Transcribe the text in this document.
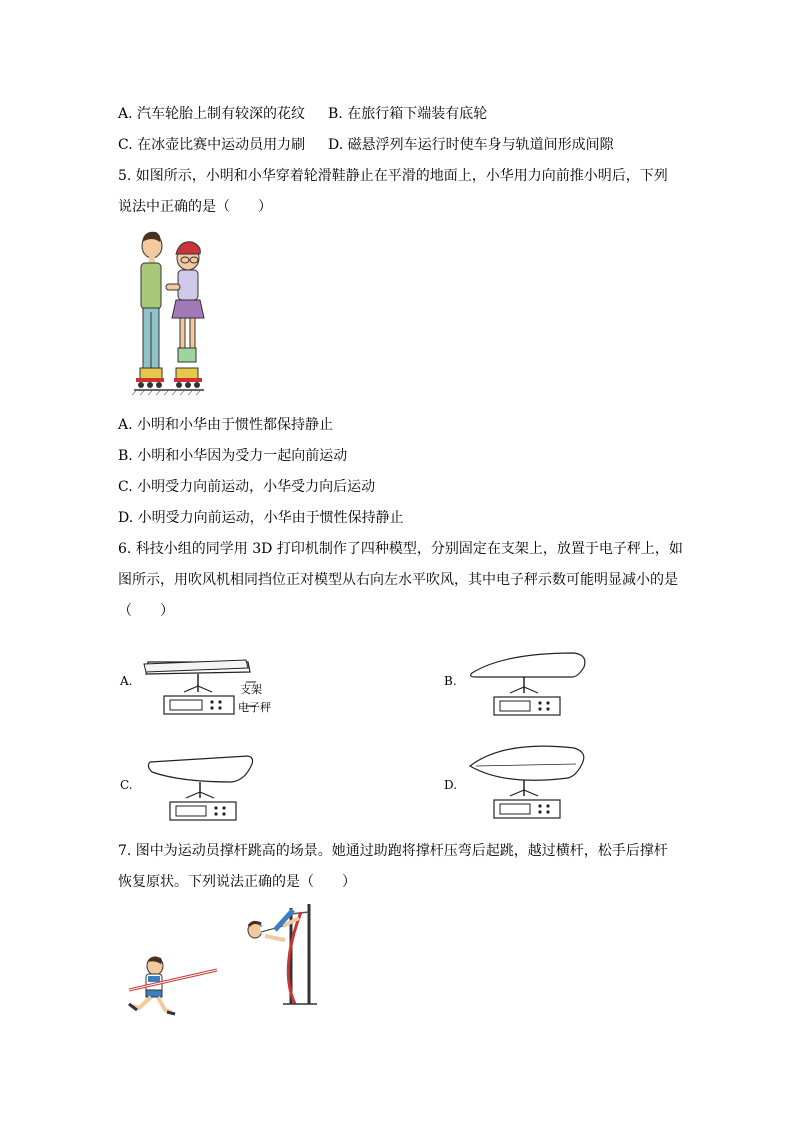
A. 汽车轮胎上制有较深的花纹 B. 在旅行箱下端装有底轮
C. 在冰壶比赛中运动员用力刷 D. 磁悬浮列车运行时使车身与轨道间形成间隙
5. 如图所示，小明和小华穿着轮滑鞋静止在平滑的地面上，小华用力向前推小明后，下列
说法中正确的是（　　）
A. 小明和小华由于惯性都保持静止
B. 小明和小华因为受力一起向前运动
C. 小明受力向前运动，小华受力向后运动
D. 小明受力向前运动，小华由于惯性保持静止
6. 科技小组的同学用 3D 打印机制作了四种模型，分别固定在支架上，放置于电子秤上，如
图所示，用吹风机相同挡位正对模型从右向左水平吹风，其中电子秤示数可能明显减小的是
（　　）
A.
支架
电子秤
B.
C.	D.
7. 图中为运动员撑杆跳高的场景。她通过助跑将撑杆压弯后起跳，越过横杆，松手后撑杆
恢复原状。下列说法正确的是（　　）
